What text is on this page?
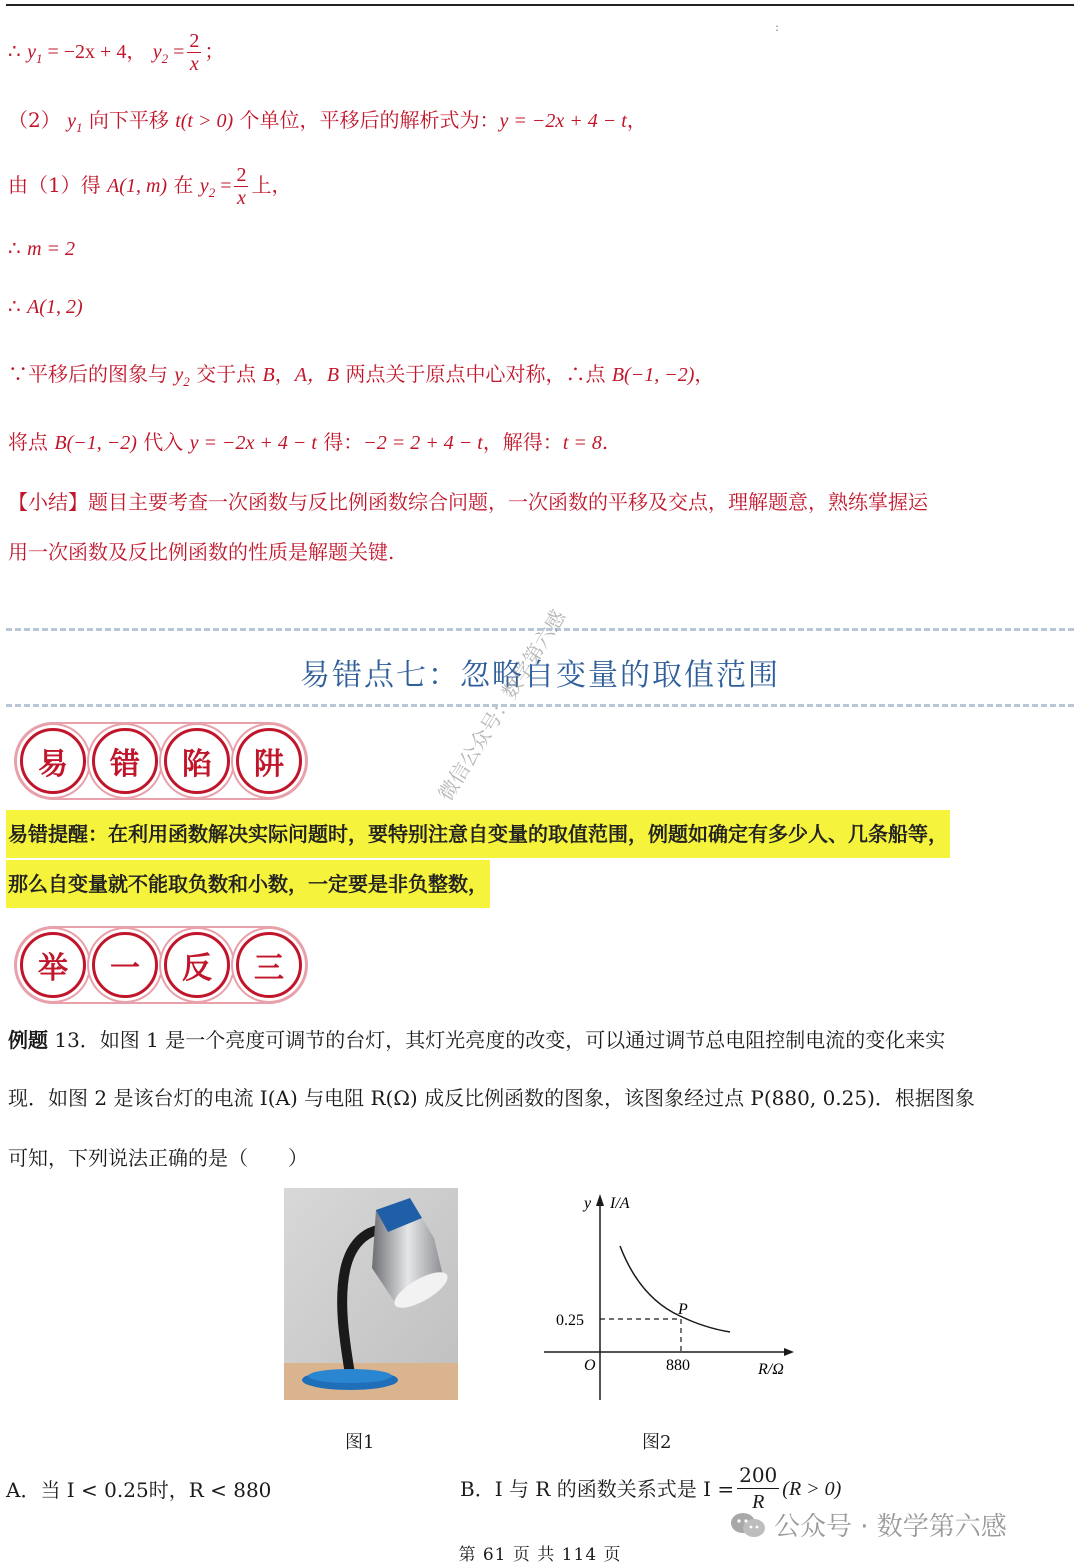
:
∴ $y_1 = -2x + 4$， $y_2 = \frac{2}{x}$ ；
（2） $y_1$ 向下平移 t(t > 0) 个单位，平移后的解析式为：y = −2x + 4 − t，
由（1）得 A(1, m) 在 $y_2 = \frac{2}{x}$ 上，
∴ m = 2
∴ A(1, 2)
∵平移后的图象与 $y_2$ 交于点 B，A，B 两点关于原点中心对称，∴点 B(−1, −2)，
将点 B(−1, −2) 代入 y = −2x + 4 − t 得：−2 = 2 + 4 − t，解得：t = 8.
【小结】题目主要考查一次函数与反比例函数综合问题，一次函数的平移及交点，理解题意，熟练掌握运
用一次函数及反比例函数的性质是解题关键.
易错点七：忽略自变量的取值范围
易	错	陷	阱
易错提醒：在利用函数解决实际问题时，要特别注意自变量的取值范围，例题如确定有多少人、几条船等，
那么自变量就不能取负数和小数，一定要是非负整数，
微信公众号：数学第六感
举	一	反	三
例题 13．如图 1 是一个亮度可调节的台灯，其灯光亮度的改变，可以通过调节总电阻控制电流的变化来实
现．如图 2 是该台灯的电流 I(A) 与电阻 R(Ω) 成反比例函数的图象，该图象经过点 P(880, 0.25)．根据图象
可知，下列说法正确的是（　　）
y I/A
R/Ω
O	880
0.25
P
图1	图2
A．当 I < 0.25时，R < 880	B．I 与 R 的函数关系式是 $I = \frac{200}{R} (R > 0)$
公众号 · 数学第六感
第 61 页 共 114 页
